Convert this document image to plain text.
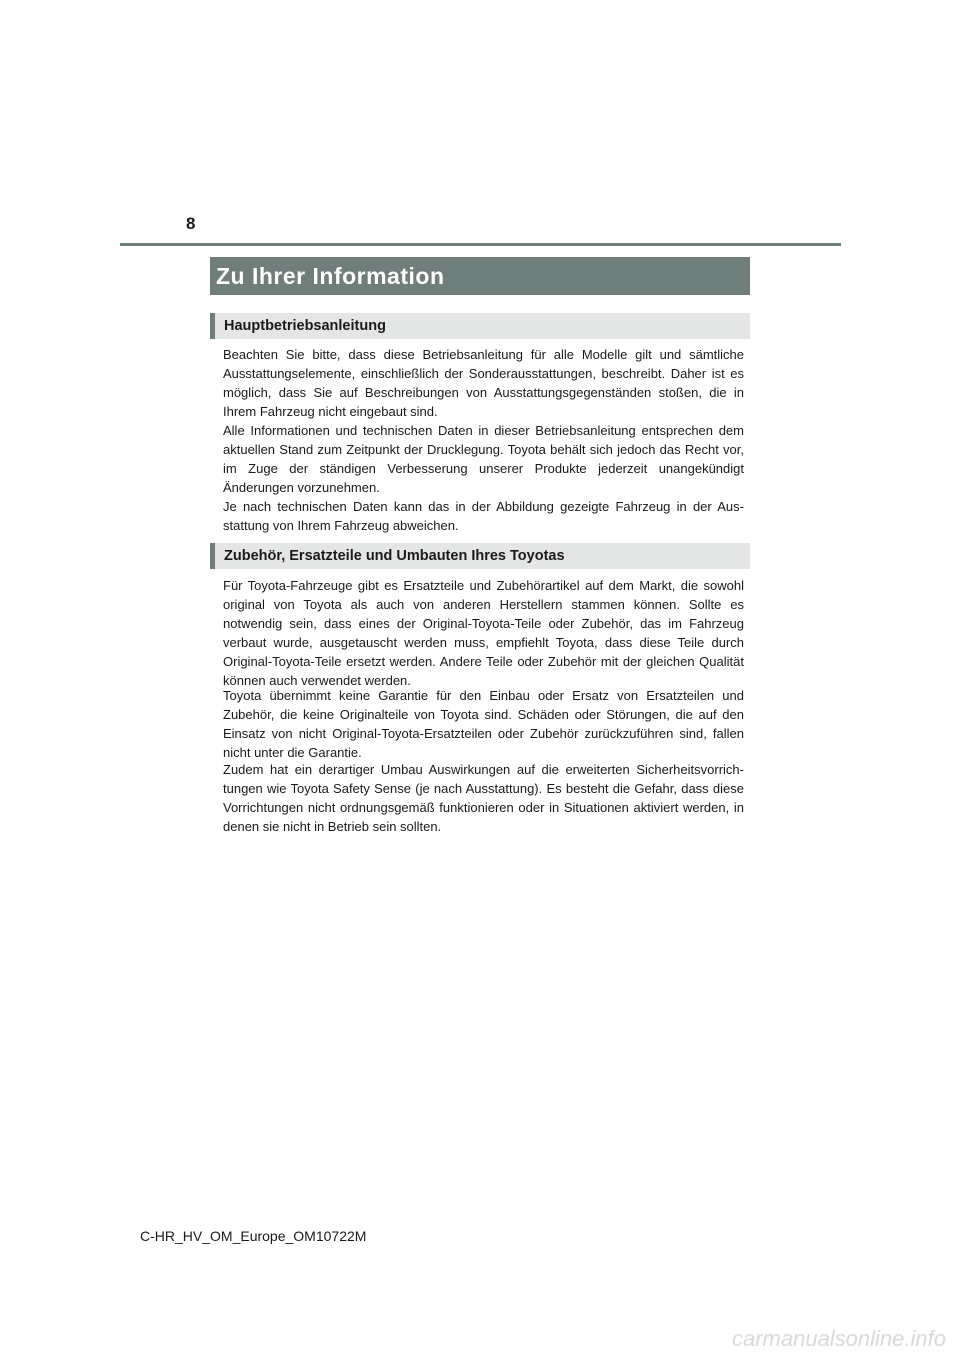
8
Zu Ihrer Information
Hauptbetriebsanleitung

Beachten Sie bitte, dass diese Betriebsanleitung für alle Modelle gilt und sämtliche Ausstattungselemente, einschließlich der Sonderausstattungen, beschreibt. Daher ist es möglich, dass Sie auf Beschreibungen von Ausstattungsgegenständen stoßen, die in Ihrem Fahrzeug nicht eingebaut sind.

Alle Informationen und technischen Daten in dieser Betriebsanleitung entsprechen dem aktuellen Stand zum Zeitpunkt der Drucklegung. Toyota behält sich jedoch das Recht vor, im Zuge der ständigen Verbesserung unserer Produkte jederzeit unangekündigt Änderungen vorzunehmen.

Je nach technischen Daten kann das in der Abbildung gezeigte Fahrzeug in der Ausstattung von Ihrem Fahrzeug abweichen.

Zubehör, Ersatzteile und Umbauten Ihres Toyotas

Für Toyota-Fahrzeuge gibt es Ersatzteile und Zubehörartikel auf dem Markt, die sowohl original von Toyota als auch von anderen Herstellern stammen können. Sollte es notwendig sein, dass eines der Original-Toyota-Teile oder Zubehör, das im Fahrzeug verbaut wurde, ausgetauscht werden muss, empfiehlt Toyota, dass diese Teile durch Original-Toyota-Teile ersetzt werden. Andere Teile oder Zubehör mit der gleichen Qualität können auch verwendet werden.

Toyota übernimmt keine Garantie für den Einbau oder Ersatz von Ersatzteilen und Zubehör, die keine Originalteile von Toyota sind. Schäden oder Störungen, die auf den Einsatz von nicht Original-Toyota-Ersatzteilen oder Zubehör zurückzuführen sind, fallen nicht unter die Garantie.

Zudem hat ein derartiger Umbau Auswirkungen auf die erweiterten Sicherheitsvorrichtungen wie Toyota Safety Sense (je nach Ausstattung). Es besteht die Gefahr, dass diese Vorrichtungen nicht ordnungsgemäß funktionieren oder in Situationen aktiviert werden, in denen sie nicht in Betrieb sein sollten.

C-HR_HV_OM_Europe_OM10722M
carmanualsonline.info
